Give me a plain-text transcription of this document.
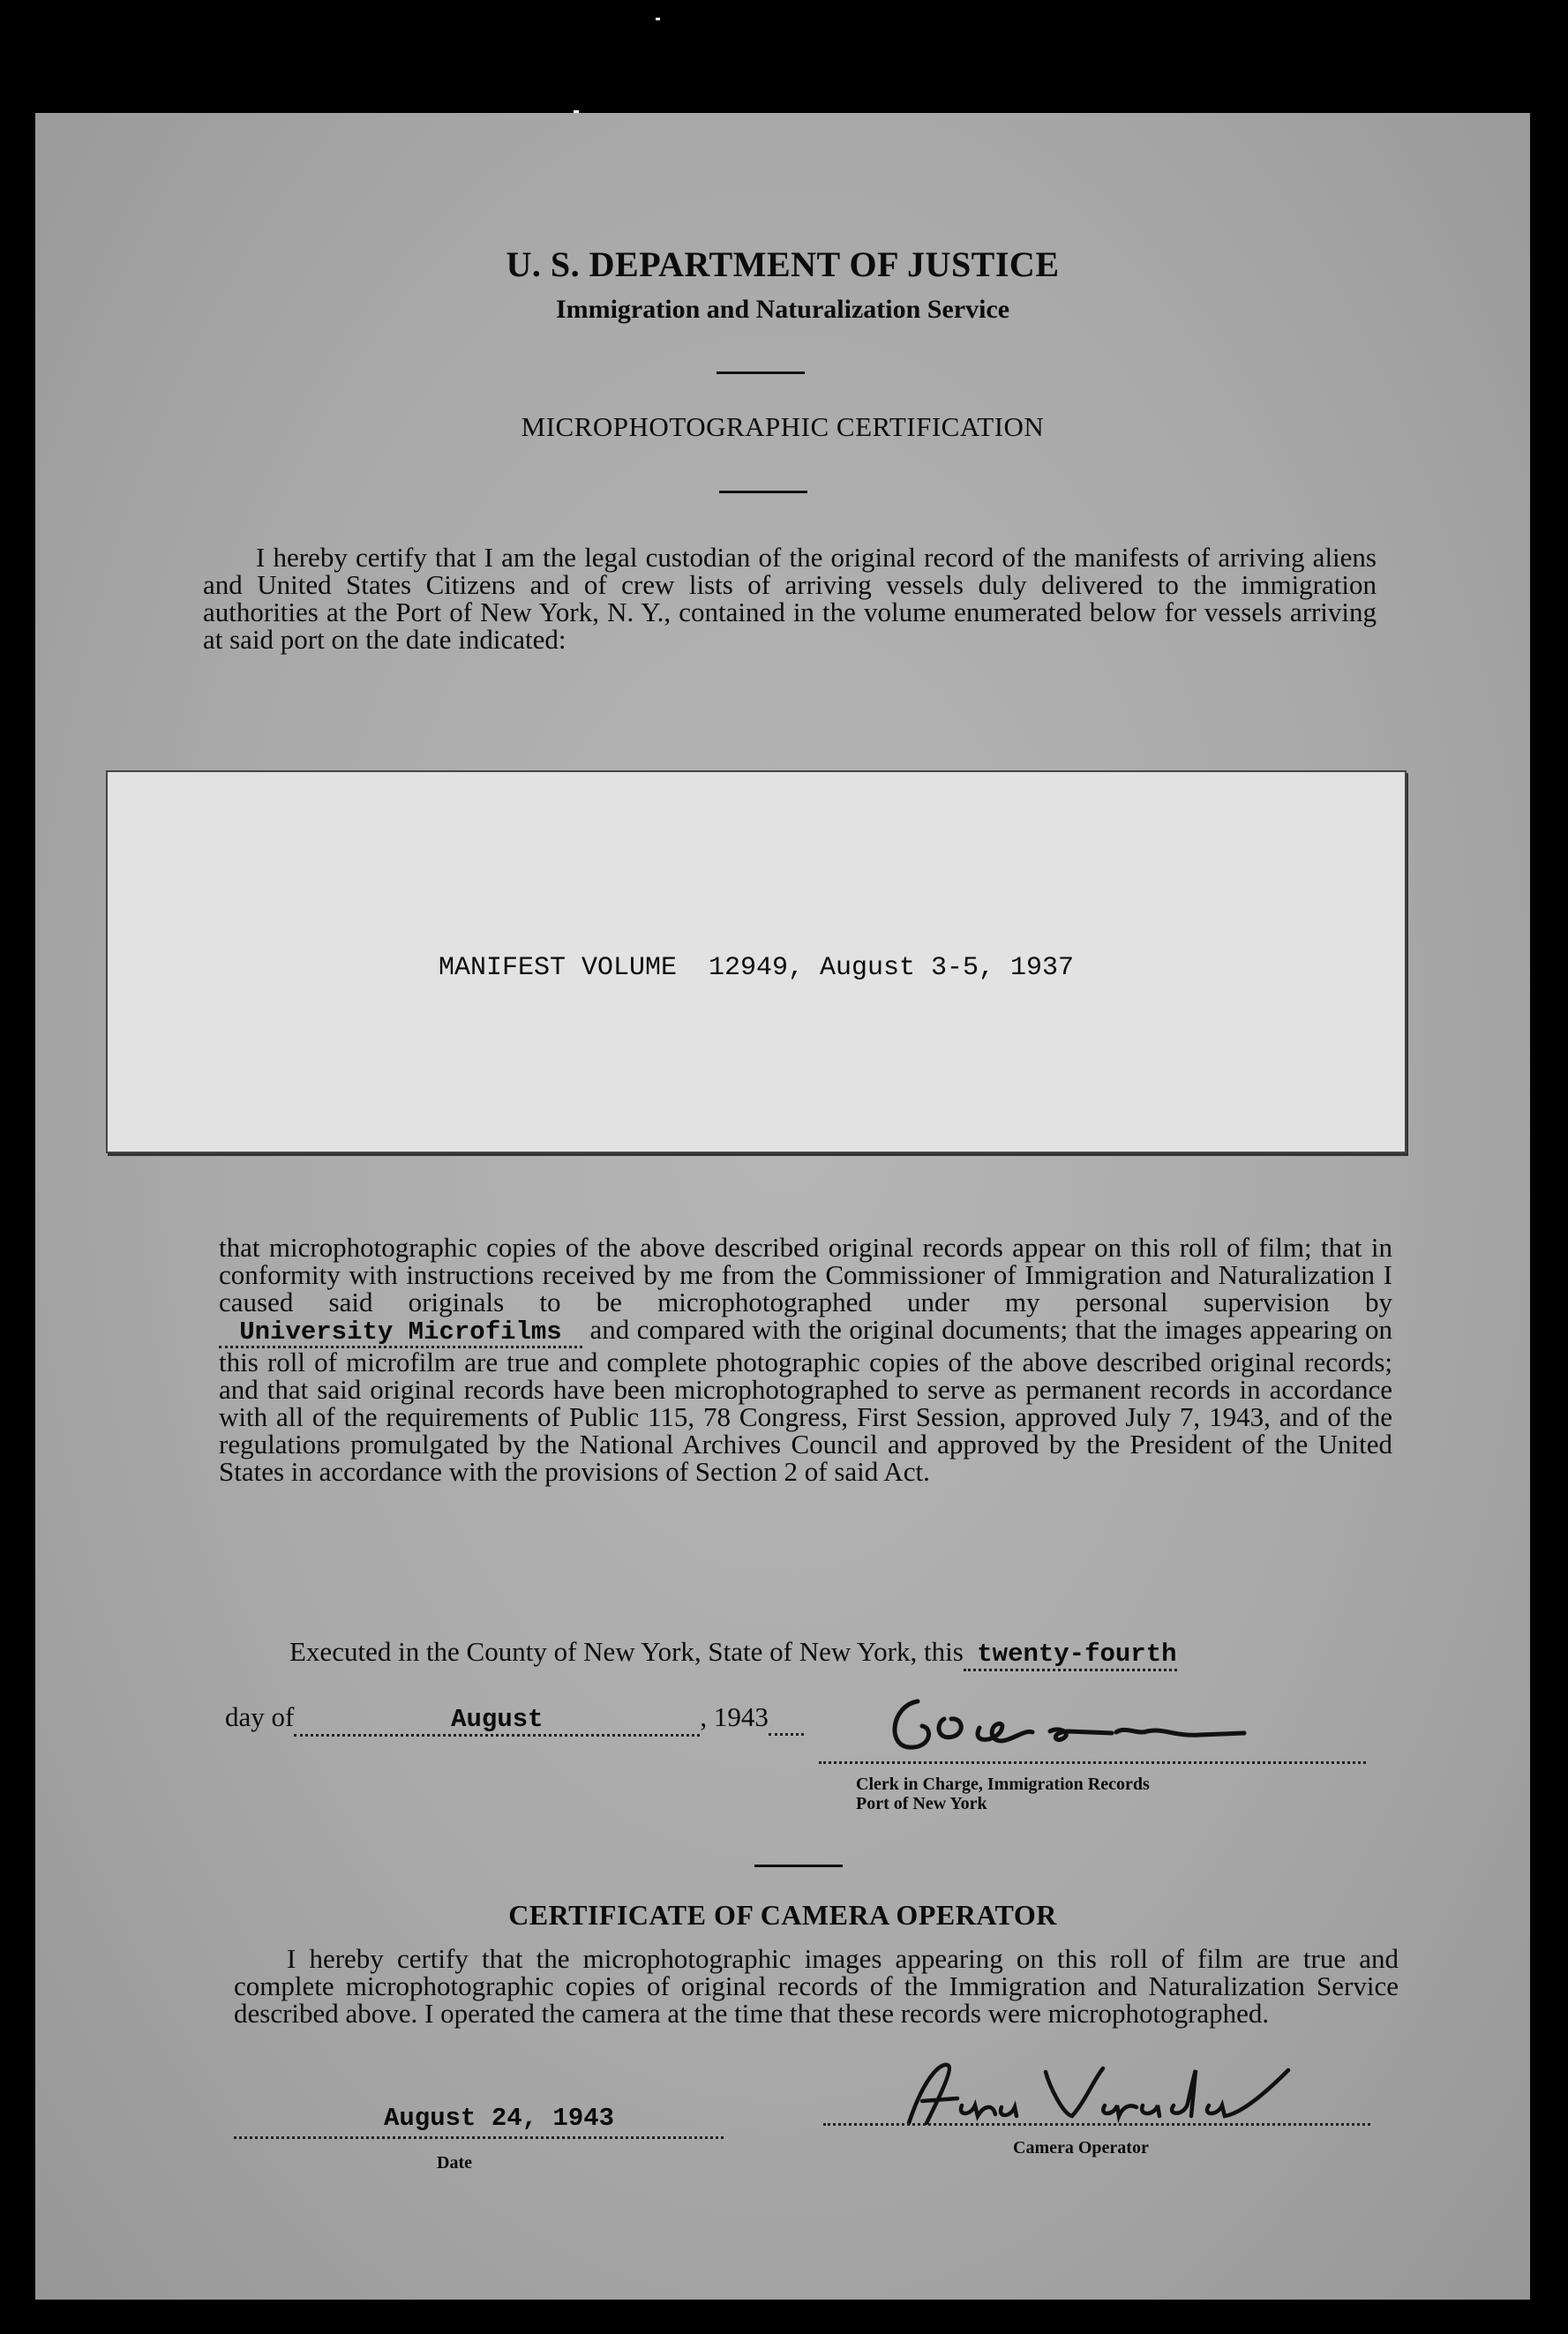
U. S. DEPARTMENT OF JUSTICE
Immigration and Naturalization Service
MICROPHOTOGRAPHIC CERTIFICATION

I hereby certify that I am the legal custodian of the original record of the manifests of arriving aliens and United States Citizens and of crew lists of arriving vessels duly delivered to the immigration authorities at the Port of New York, N. Y., contained in the volume enumerated below for vessels arriving at said port on the date indicated:

MANIFEST VOLUME  12949, August 3-5, 1937

that microphotographic copies of the above described original records appear on this roll of film; that in conformity with instructions received by me from the Commissioner of Immigration and Naturalization I caused said originals to be microphotographed under my personal supervision by   University Microfilms and compared with the original documents; that the images appearing on this roll of microfilm are true and complete photographic copies of the above described original records; and that said original records have been microphotographed to serve as permanent records in accordance with all of the requirements of Public 115, 78 Congress, First Session, approved July 7, 1943, and of the regulations promulgated by the National Archives Council and approved by the President of the United States in accordance with the provisions of Section 2 of said Act.

Executed in the County of New York, State of New York, this twenty-fourth
day of	August	, 1943
Clerk in Charge, Immigration Records
Port of New York
CERTIFICATE OF CAMERA OPERATOR

I hereby certify that the microphotographic images appearing on this roll of film are true and complete microphotographic copies of original records of the Immigration and Naturalization Service described above. I operated the camera at the time that these records were microphotographed.

August 24, 1943
Date
Camera Operator
